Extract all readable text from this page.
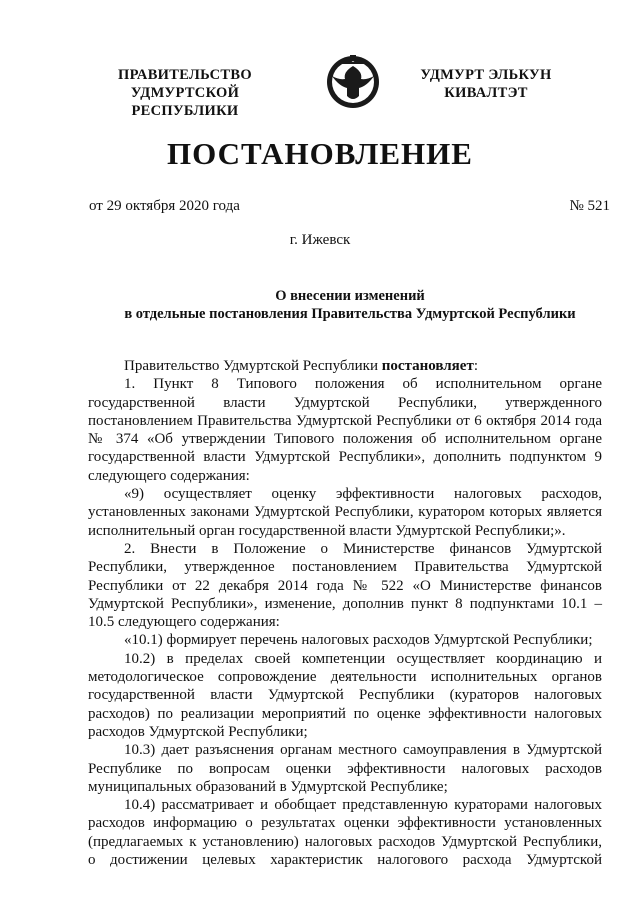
ПРАВИТЕЛЬСТВО
УДМУРТСКОЙ РЕСПУБЛИКИ
УДМУРТ ЭЛЬКУН
КИВАЛТЭТ
ПОСТАНОВЛЕНИЕ
от 29 октября 2020 года	№ 521
г. Ижевск
О внесении изменений
в отдельные постановления Правительства Удмуртской Республики

Правительство Удмуртской Республики постановляет:

1. Пункт 8 Типового положения об исполнительном органе

государственной власти Удмуртской Республики, утвержденного

постановлением Правительства Удмуртской Республики от 6 октября 2014 года

№ 374 «Об утверждении Типового положения об исполнительном органе

государственной власти Удмуртской Республики», дополнить подпунктом 9

следующего содержания:

«9) осуществляет оценку эффективности налоговых расходов,

установленных законами Удмуртской Республики, куратором которых является

исполнительный орган государственной власти Удмуртской Республики;».

2. Внести в Положение о Министерстве финансов Удмуртской

Республики, утвержденное постановлением Правительства Удмуртской

Республики от 22 декабря 2014 года № 522 «О Министерстве финансов

Удмуртской Республики», изменение, дополнив пункт 8 подпунктами 10.1 –

10.5 следующего содержания:

«10.1) формирует перечень налоговых расходов Удмуртской Республики;

10.2) в пределах своей компетенции осуществляет координацию и

методологическое сопровождение деятельности исполнительных органов

государственной власти Удмуртской Республики (кураторов налоговых

расходов) по реализации мероприятий по оценке эффективности налоговых

расходов Удмуртской Республики;

10.3) дает разъяснения органам местного самоуправления в Удмуртской

Республике по вопросам оценки эффективности налоговых расходов

муниципальных образований в Удмуртской Республике;

10.4) рассматривает и обобщает представленную кураторами налоговых

расходов информацию о результатах оценки эффективности установленных

(предлагаемых к установлению) налоговых расходов Удмуртской Республики,

о достижении целевых характеристик налогового расхода Удмуртской
